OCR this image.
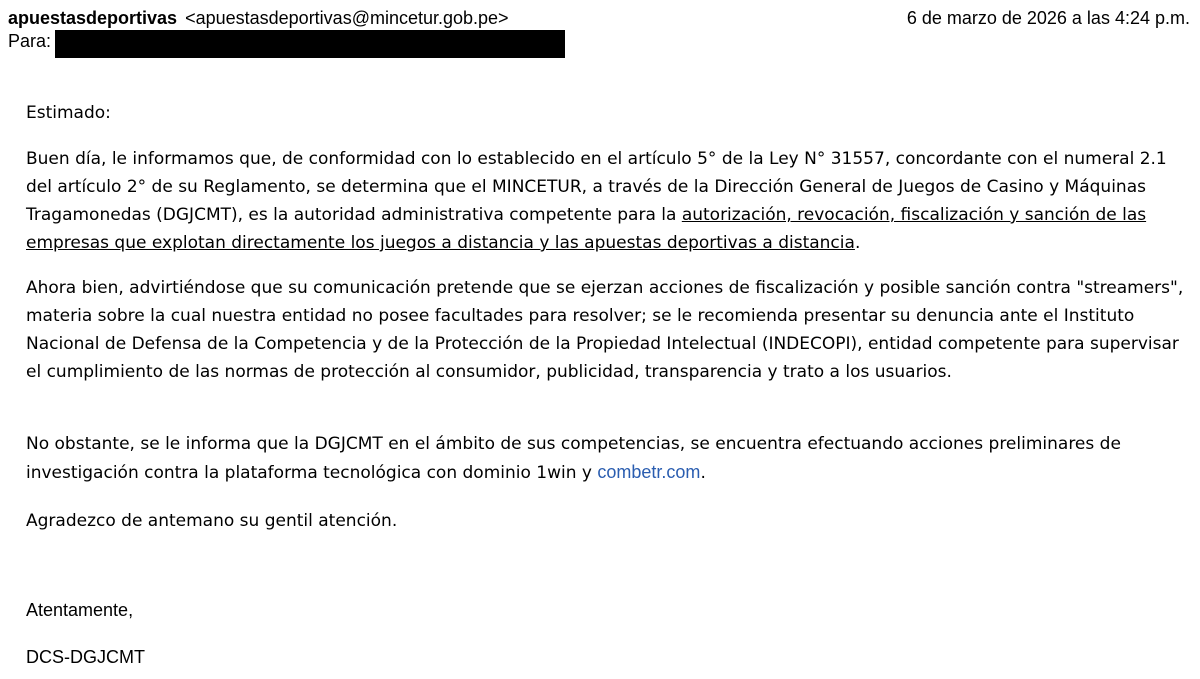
apuestasdeportivas <apuestasdeportivas@mincetur.gob.pe>	6 de marzo de 2026 a las 4:24 p.m.
Para:

Estimado:

Buen día, le informamos que, de conformidad con lo establecido en el artículo 5° de la Ley N° 31557, concordante con el numeral 2.1 del artículo 2° de su Reglamento, se determina que el MINCETUR, a través de la Dirección General de Juegos de Casino y Máquinas Tragamonedas (DGJCMT), es la autoridad administrativa competente para la autorización, revocación, fiscalización y sanción de las empresas que explotan directamente los juegos a distancia y las apuestas deportivas a distancia.

Ahora bien, advirtiéndose que su comunicación pretende que se ejerzan acciones de fiscalización y posible sanción contra "streamers", materia sobre la cual nuestra entidad no posee facultades para resolver; se le recomienda presentar su denuncia ante el Instituto Nacional de Defensa de la Competencia y de la Protección de la Propiedad Intelectual (INDECOPI), entidad competente para supervisar el cumplimiento de las normas de protección al consumidor, publicidad, transparencia y trato a los usuarios.

No obstante, se le informa que la DGJCMT en el ámbito de sus competencias, se encuentra efectuando acciones preliminares de investigación contra la plataforma tecnológica con dominio 1win y combetr.com.

Agradezco de antemano su gentil atención.

Atentamente,
DCS-DGJCMT
